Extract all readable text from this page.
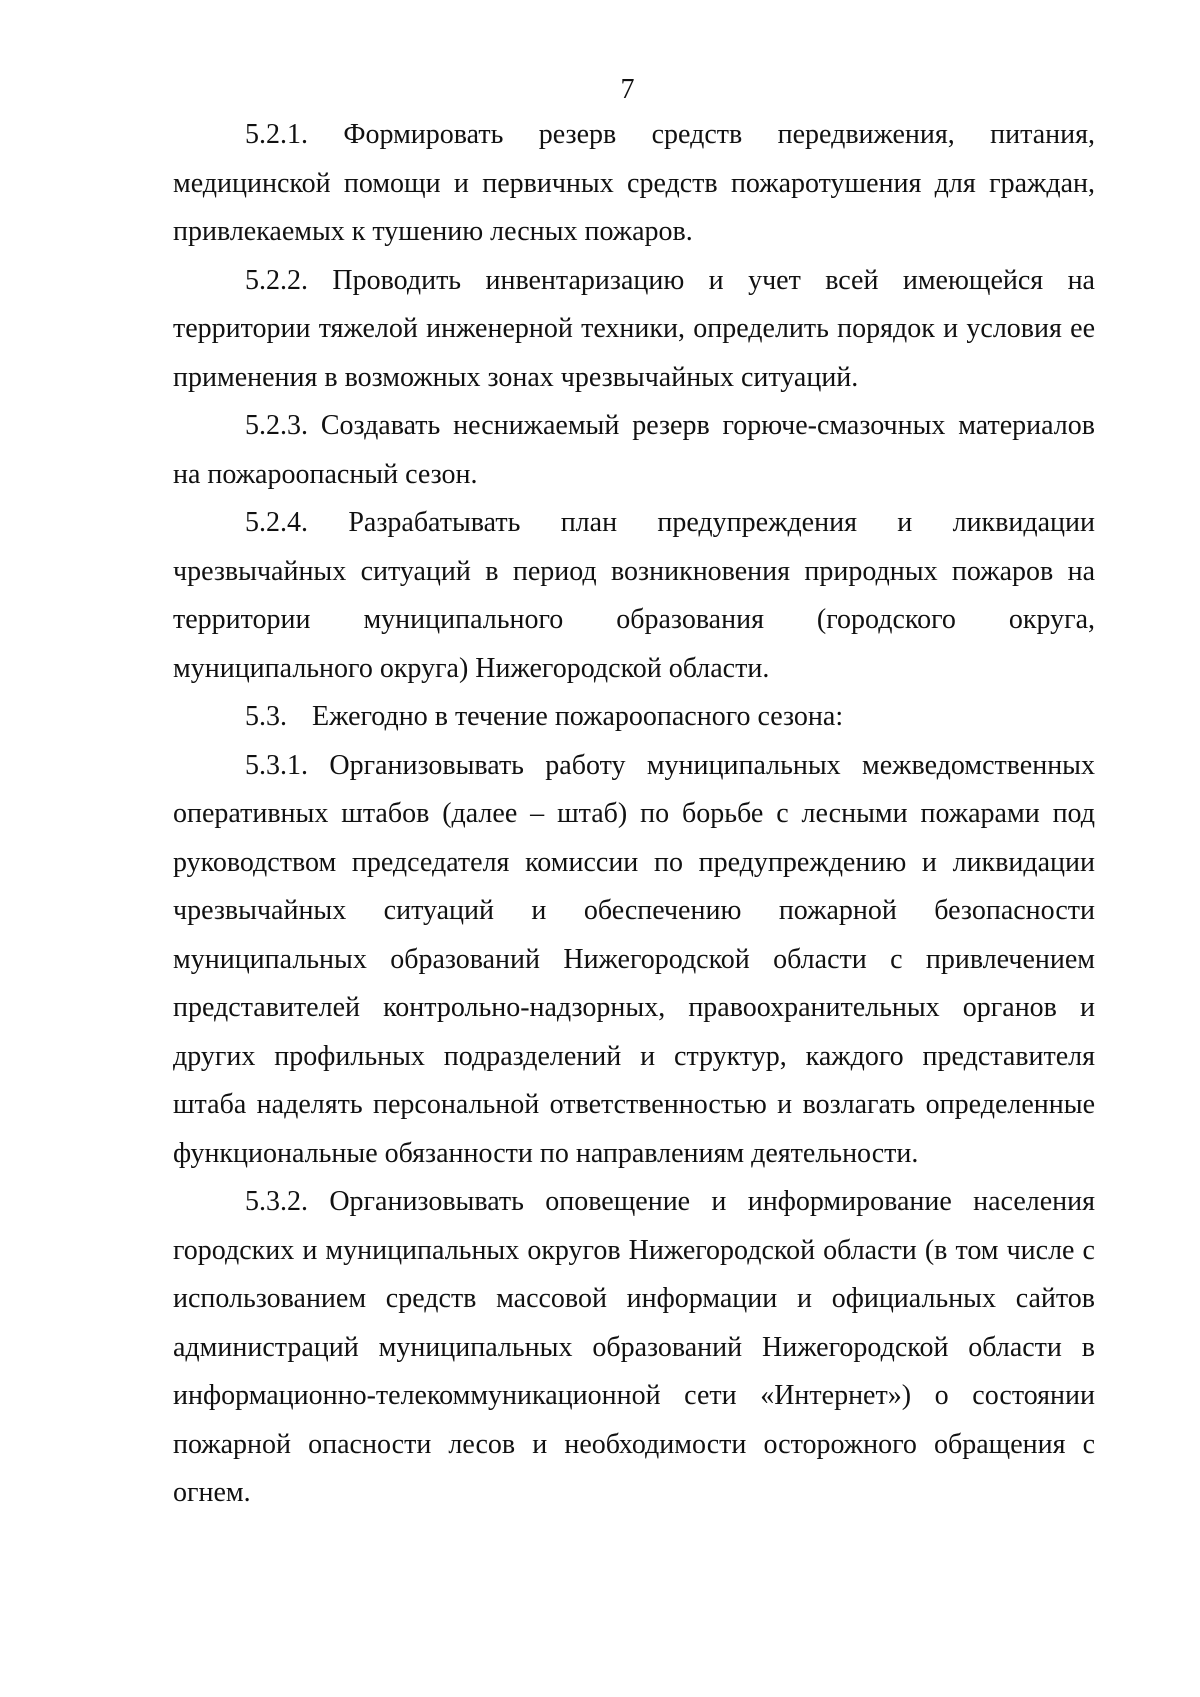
7

5.2.1. Формировать резерв средств передвижения, питания, медицинской помощи и первичных средств пожаротушения для граждан, привлекаемых к тушению лесных пожаров.

5.2.2. Проводить инвентаризацию и учет всей имеющейся на территории тяжелой инженерной техники, определить порядок и условия ее применения в возможных зонах чрезвычайных ситуаций.

5.2.3. Создавать неснижаемый резерв горюче-смазочных материалов на пожароопасный сезон.

5.2.4. Разрабатывать план предупреждения и ликвидации чрезвычайных ситуаций в период возникновения природных пожаров на территории муниципального образования (городского округа, муниципального округа) Нижегородской области.

5.3. Ежегодно в течение пожароопасного сезона:

5.3.1. Организовывать работу муниципальных межведомственных оперативных штабов (далее – штаб) по борьбе с лесными пожарами под руководством председателя комиссии по предупреждению и ликвидации чрезвычайных ситуаций и обеспечению пожарной безопасности муниципальных образований Нижегородской области с привлечением представителей контрольно-надзорных, правоохранительных органов и других профильных подразделений и структур, каждого представителя штаба наделять персональной ответственностью и возлагать определенные функциональные обязанности по направлениям деятельности.

5.3.2. Организовывать оповещение и информирование населения городских и муниципальных округов Нижегородской области (в том числе с использованием средств массовой информации и официальных сайтов администраций муниципальных образований Нижегородской области в информационно-телекоммуникационной сети «Интернет») о состоянии пожарной опасности лесов и необходимости осторожного обращения с огнем.
